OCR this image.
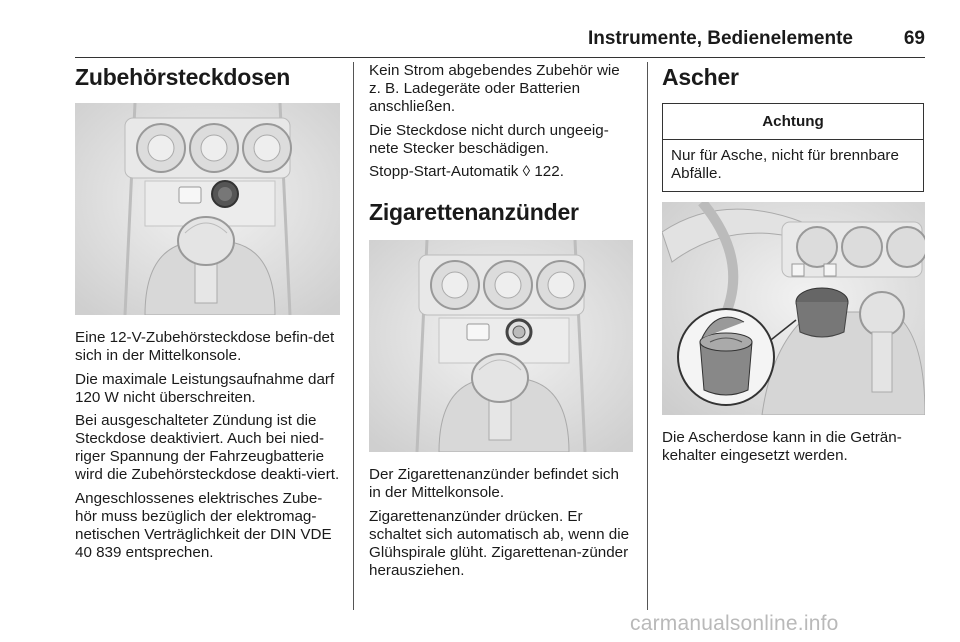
Instrumente, Bedienelemente	69
Zubehörsteckdosen

Eine 12-V-Zubehörsteckdose befin-det sich in der Mittelkonsole.

Die maximale Leistungsaufnahme darf 120 W nicht überschreiten.

Bei ausgeschalteter Zündung ist die Steckdose deaktiviert. Auch bei nied-riger Spannung der Fahrzeugbatterie wird die Zubehörsteckdose deakti-viert.

Angeschlossenes elektrisches Zube-hör muss bezüglich der elektromag-netischen Verträglichkeit der DIN VDE 40 839 entsprechen.

Kein Strom abgebendes Zubehör wie z. B. Ladegeräte oder Batterien anschließen.

Die Steckdose nicht durch ungeeig-nete Stecker beschädigen.

Stopp-Start-Automatik ◊ 122.

Zigarettenanzünder

Der Zigarettenanzünder befindet sich in der Mittelkonsole.

Zigarettenanzünder drücken. Er schaltet sich automatisch ab, wenn die Glühspirale glüht. Zigarettenan-zünder herausziehen.

Ascher
Achtung
Nur für Asche, nicht für brennbare Abfälle.

Die Ascherdose kann in die Geträn-kehalter eingesetzt werden.

carmanualsonline.info
